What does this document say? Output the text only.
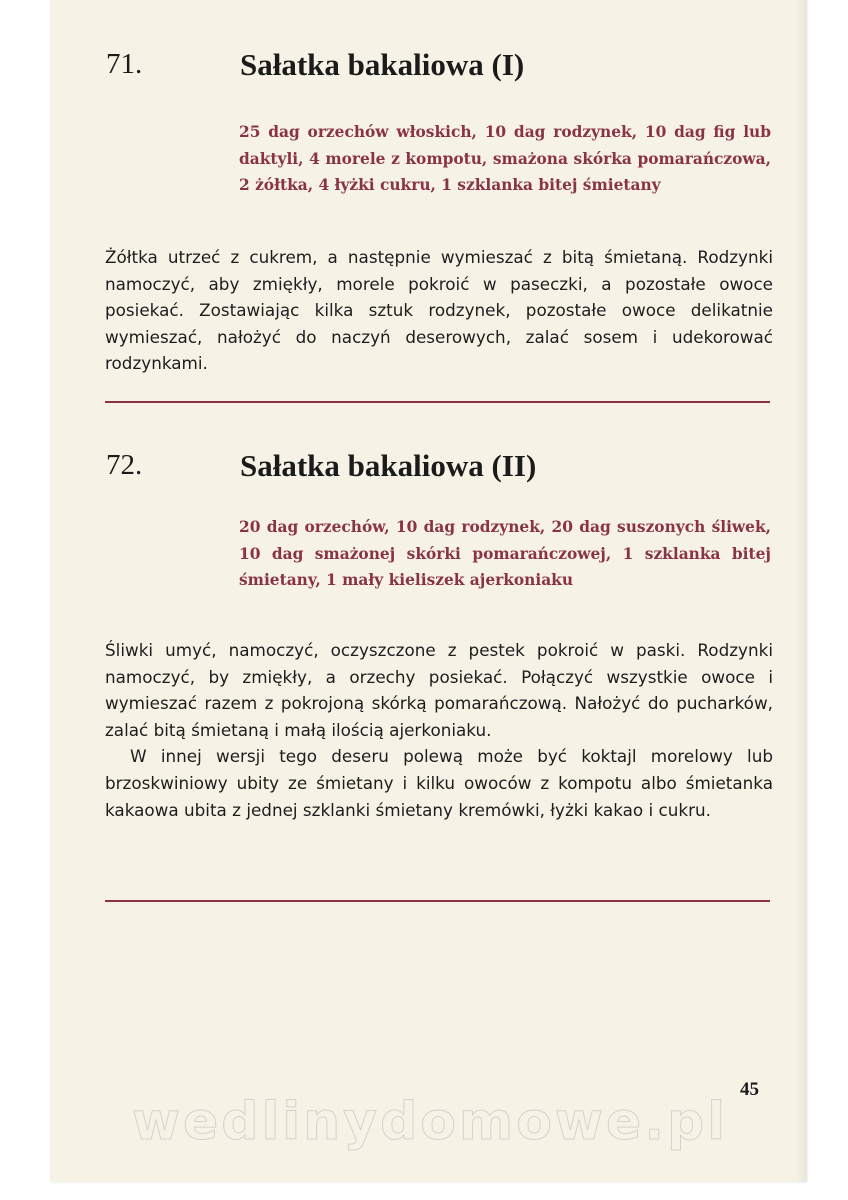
71.	Sałatka bakaliowa (I)
25 dag orzechów włoskich, 10 dag rodzynek, 10 dag fig lub daktyli, 4 morele z kompotu, smażona skórka pomarańczowa, 2 żółtka, 4 łyżki cukru, 1 szklanka bitej śmietany

Żółtka utrzeć z cukrem, a następnie wymieszać z bitą śmietaną. Rodzynki namoczyć, aby zmiękły, morele pokroić w paseczki, a pozostałe owoce posiekać. Zostawiając kilka sztuk rodzynek, pozostałe owoce delikatnie wymieszać, nałożyć do naczyń deserowych, zalać sosem i udekorować rodzynkami.

72.	Sałatka bakaliowa (II)
20 dag orzechów, 10 dag rodzynek, 20 dag suszonych śliwek, 10 dag smażonej skórki pomarańczowej, 1 szklanka bitej śmietany, 1 mały kieliszek ajerkoniaku

Śliwki umyć, namoczyć, oczyszczone z pestek pokroić w paski. Rodzynki namoczyć, by zmiękły, a orzechy posiekać. Połączyć wszystkie owoce i wymieszać razem z pokrojoną skórką pomarańczową. Nałożyć do pucharków, zalać bitą śmietaną i małą ilością ajerkoniaku.

W innej wersji tego deseru polewą może być koktajl morelowy lub brzoskwiniowy ubity ze śmietany i kilku owoców z kompotu albo śmietanka kakaowa ubita z jednej szklanki śmietany kremówki, łyżki kakao i cukru.

45
wedlinydomowe.pl
